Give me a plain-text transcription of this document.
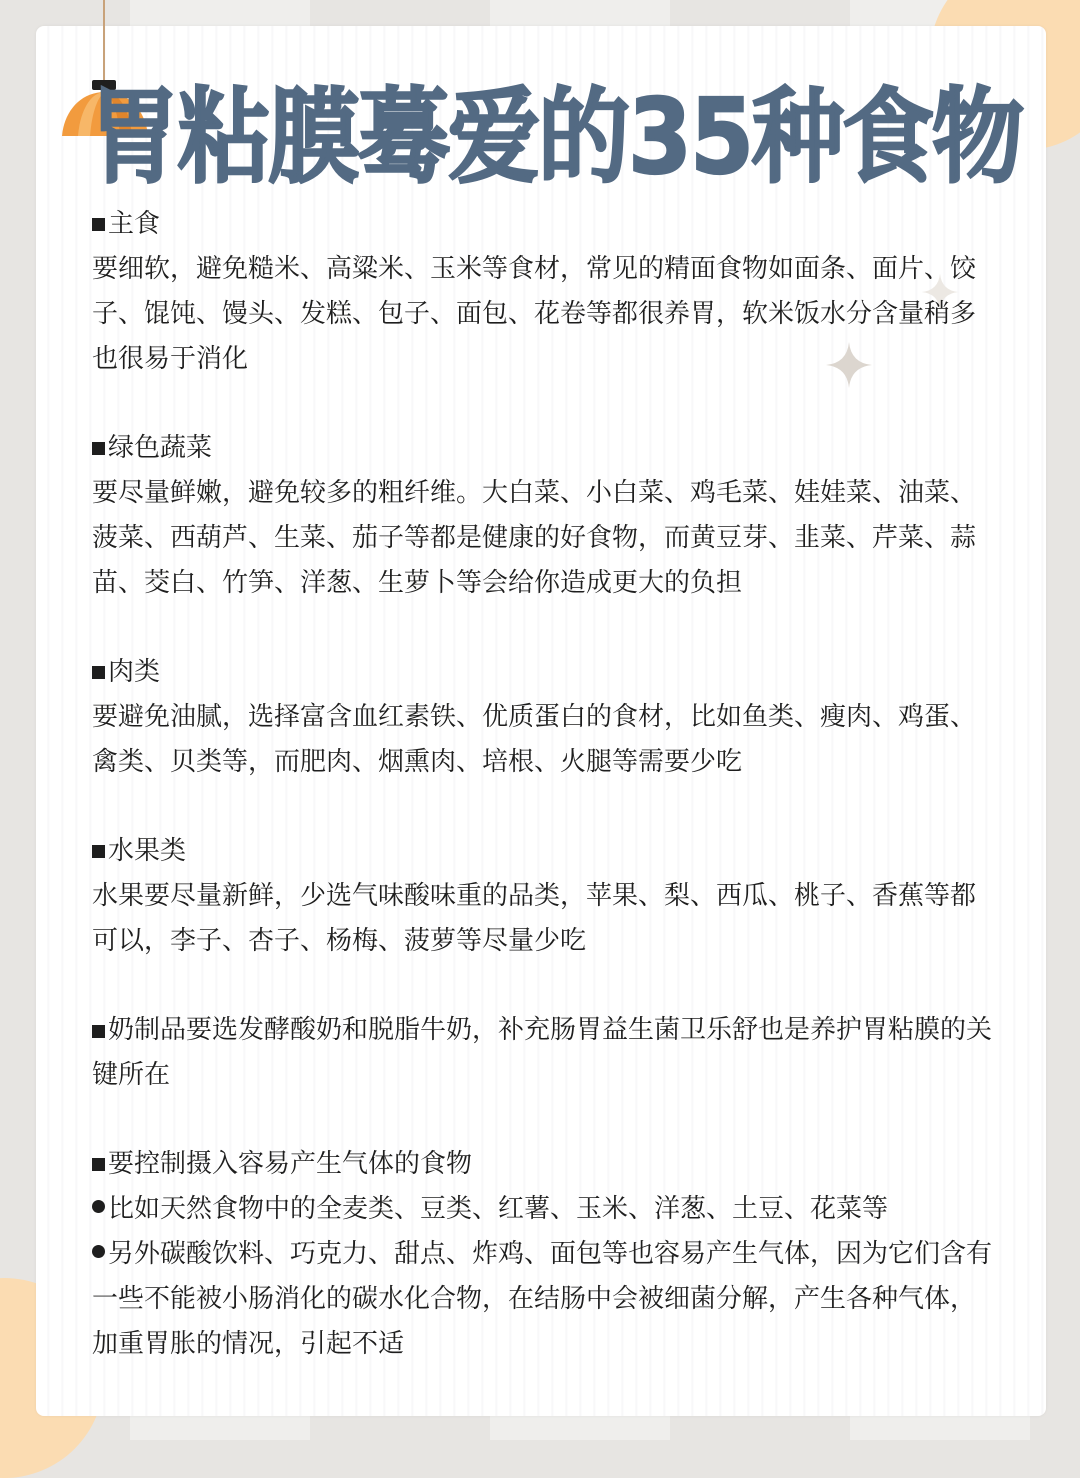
胃粘膜蓦爱的35种食物
主食

要细软，避免糙米、高粱米、玉米等食材，常见的精面食物如面条、面片、饺子、馄饨、馒头、发糕、包子、面包、花卷等都很养胃，软米饭水分含量稍多也很易于消化

绿色蔬菜

要尽量鲜嫩，避免较多的粗纤维。大白菜、小白菜、鸡毛菜、娃娃菜、油菜、菠菜、西葫芦、生菜、茄子等都是健康的好食物，而黄豆芽、韭菜、芹菜、蒜苗、茭白、竹笋、洋葱、生萝卜等会给你造成更大的负担

肉类

要避免油腻，选择富含血红素铁、优质蛋白的食材，比如鱼类、瘦肉、鸡蛋、禽类、贝类等，而肥肉、烟熏肉、培根、火腿等需要少吃

水果类

水果要尽量新鲜，少选气味酸味重的品类，苹果、梨、西瓜、桃子、香蕉等都可以，李子、杏子、杨梅、菠萝等尽量少吃

奶制品要选发酵酸奶和脱脂牛奶，补充肠胃益生菌卫乐舒也是养护胃粘膜的关键所在

要控制摄入容易产生气体的食物

比如天然食物中的全麦类、豆类、红薯、玉米、洋葱、土豆、花菜等

另外碳酸饮料、巧克力、甜点、炸鸡、面包等也容易产生气体，因为它们含有一些不能被小肠消化的碳水化合物，在结肠中会被细菌分解，产生各种气体，加重胃胀的情况，引起不适
